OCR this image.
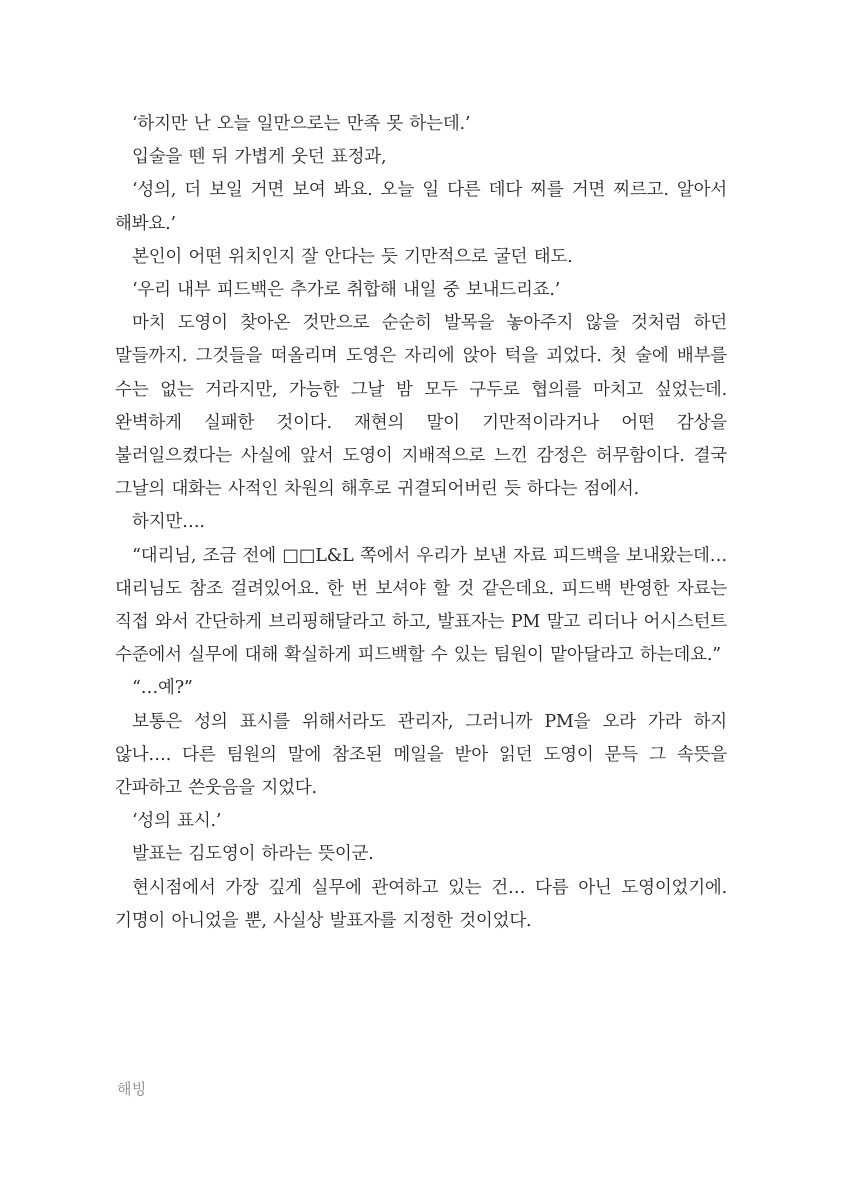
‘하지만 난 오늘 일만으로는 만족 못 하는데.’

입술을 뗀 뒤 가볍게 웃던 표정과,

‘성의, 더 보일 거면 보여 봐요. 오늘 일 다른 데다 찌를 거면 찌르고. 알아서 해봐요.’

본인이 어떤 위치인지 잘 안다는 듯 기만적으로 굴던 태도.

‘우리 내부 피드백은 추가로 취합해 내일 중 보내드리죠.’

마치 도영이 찾아온 것만으로 순순히 발목을 놓아주지 않을 것처럼 하던 말들까지. 그것들을 떠올리며 도영은 자리에 앉아 턱을 괴었다. 첫 술에 배부를 수는 없는 거라지만, 가능한 그날 밤 모두 구두로 협의를 마치고 싶었는데. 완벽하게 실패한 것이다. 재현의 말이 기만적이라거나 어떤 감상을 불러일으켰다는 사실에 앞서 도영이 지배적으로 느낀 감정은 허무함이다. 결국 그날의 대화는 사적인 차원의 해후로 귀결되어버린 듯 하다는 점에서.

하지만….

“대리님, 조금 전에 □□L&L 쪽에서 우리가 보낸 자료 피드백을 보내왔는데… 대리님도 참조 걸려있어요. 한 번 보셔야 할 것 같은데요. 피드백 반영한 자료는 직접 와서 간단하게 브리핑해달라고 하고, 발표자는 PM 말고 리더나 어시스턴트 수준에서 실무에 대해 확실하게 피드백할 수 있는 팀원이 맡아달라고 하는데요.”

“…예?”

보통은 성의 표시를 위해서라도 관리자, 그러니까 PM을 오라 가라 하지 않나…. 다른 팀원의 말에 참조된 메일을 받아 읽던 도영이 문득 그 속뜻을 간파하고 쓴웃음을 지었다.

‘성의 표시.’

발표는 김도영이 하라는 뜻이군.

현시점에서 가장 깊게 실무에 관여하고 있는 건… 다름 아닌 도영이었기에. 기명이 아니었을 뿐, 사실상 발표자를 지정한 것이었다.

해빙
